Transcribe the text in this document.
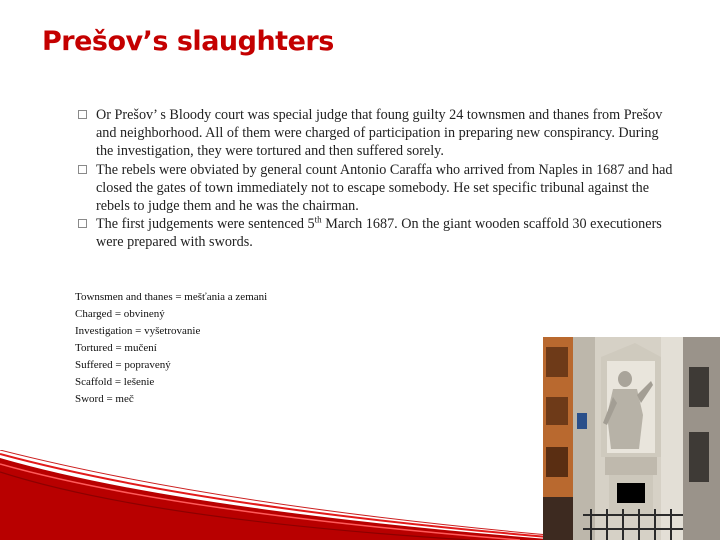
Prešov’s slaughters
Or Prešov’ s Bloody court was special judge that foung guilty 24 townsmen and thanes from Prešov and neighborhood. All of them were charged of participation in preparing new conspirancy. During the investigation, they were tortured and then suffered sorely.
The rebels were obviated by general count Antonio Caraffa who arrived from Naples in 1687 and had closed the gates of town immediately not to escape somebody. He set specific tribunal against the rebels to judge them and he was the chairman.
The first judgements were sentenced 5th March 1687. On the giant wooden scaffold 30 executioners were prepared with swords.
Townsmen and thanes = mešťania a zemani
Charged = obvinený
Investigation = vyšetrovanie
Tortured = mučení
Suffered = popravený
Scaffold = lešenie
Sword = meč
